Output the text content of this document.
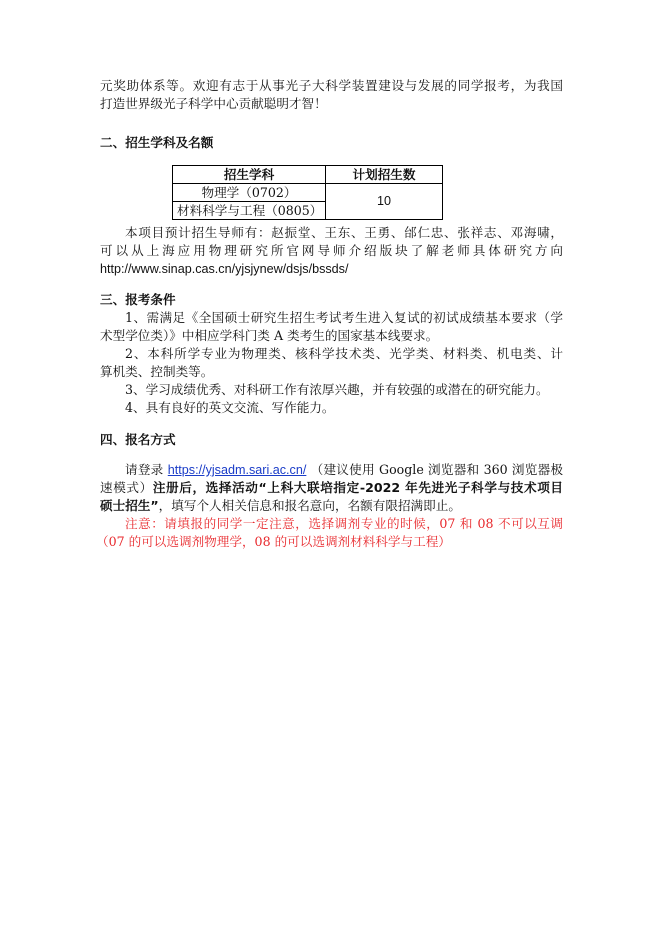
元奖助体系等。欢迎有志于从事光子大科学装置建设与发展的同学报考，为我国
打造世界级光子科学中心贡献聪明才智！
二、招生学科及名额
招生学科	计划招生数
物理学（0702）	10
材料科学与工程（0805）	
本项目预计招生导师有：赵振堂、王东、王勇、邰仁忠、张祥志、邓海啸，
可以从上海应用物理研究所官网导师介绍版块了解老师具体研究方向
http://www.sinap.cas.cn/yjsjynew/dsjs/bssds/
三、报考条件
1、需满足《全国硕士研究生招生考试考生进入复试的初试成绩基本要求（学
术型学位类）》中相应学科门类 A 类考生的国家基本线要求。
2、本科所学专业为物理类、核科学技术类、光学类、材料类、机电类、计
算机类、控制类等。
3、学习成绩优秀、对科研工作有浓厚兴趣，并有较强的或潜在的研究能力。
4、具有良好的英文交流、写作能力。
四、报名方式
请登录 https://yjsadm.sari.ac.cn/ （建议使用 Google 浏览器和 360 浏览器极
速模式）注册后，选择活动“上科大联培指定-2022 年先进光子科学与技术项目
硕士招生”，填写个人相关信息和报名意向，名额有限招满即止。
注意：请填报的同学一定注意，选择调剂专业的时候，07 和 08 不可以互调
（07 的可以选调剂物理学，08 的可以选调剂材料科学与工程）
